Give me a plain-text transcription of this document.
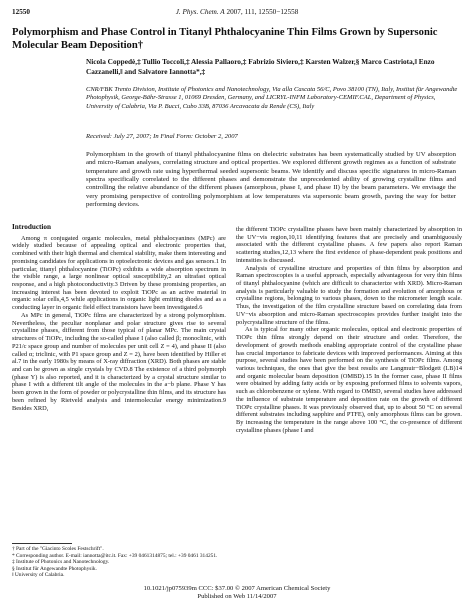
12550	J. Phys. Chem. A 2007, 111, 12550−12558
Polymorphism and Phase Control in Titanyl Phthalocyanine Thin Films Grown by Supersonic Molecular Beam Deposition†
Nicola Coppedè,‡ Tullio Toccoli,‡ Alessia Pallaoro,‡ Fabrizio Siviero,‡ Karsten Walzer,§ Marco Castriota,‖ Enzo Cazzanelli,‖ and Salvatore Iannotta*,‡
CNR/FBK Trento Division, Institute of Photonics and Nanotechnology, Via alla Cascata 56/C, Povo 38100 (TN), Italy, Institut für Angewandte Photophysik, George-Bähr-Strasse 1, 01069 Dresden, Germany, and LICRYL-INFM Laboratory-CEMIF.CAL, Department of Physics, University of Calabria, Via P. Bucci, Cubo 33B, 87036 Arcavacata da Rende (CS), Italy
Received: July 27, 2007; In Final Form: October 2, 2007
Polymorphism in the growth of titanyl phthalocyanine films on dielectric substrates has been systematically studied by UV absorption and micro-Raman analyses, correlating structure and optical properties. We explored different growth regimes as a function of substrate temperature and growth rate using hyperthermal seeded supersonic beams. We identify and discuss specific signatures in micro-Raman spectra specifically correlated to the different phases and demonstrate the unprecedented ability of growing crystalline films and controlling the relative abundance of the different phases (amorphous, phase I, and phase II) by the beam parameters. We envisage the very promising perspective of controlling polymorphism at low temperatures via supersonic beam growth, paving the way for better performing devices.
Introduction

Among π conjugated organic molecules, metal phthalocyanines (MPc) are widely studied because of appealing optical and electronic properties that, combined with their high thermal and chemical stability, make them interesting and promising candidates for applications in optoelectronic devices and gas sensors.1 In particular, titanyl phthalocyanine (TiOPc) exhibits a wide absorption spectrum in the visible range, a large nonlinear optical susceptibility,2 an ultrafast optical response, and a high photoconductivity.3 Driven by these promising properties, an increasing interest has been devoted to exploit TiOPc as an active material in organic solar cells,4,5 while applications in organic light emitting diodes and as a conducting layer in organic field effect transistors have been investigated.6

As MPc in general, TiOPc films are characterized by a strong polymorphism. Nevertheless, the peculiar nonplanar and polar structure gives rise to several crystalline phases, different from those typical of planar MPc. The main crystal structures of TiOPc, including the so-called phase I (also called β; monoclinic, with P21/c space group and number of molecules per unit cell Z = 4), and phase II (also called α; triclinic, with P1 space group and Z = 2), have been identified by Hiller et al.7 in the early 1980s by means of X-ray diffraction (XRD). Both phases are stable and can be grown as single crystals by CVD.8 The existence of a third polymorph (phase Y) is also reported, and it is characterized by a crystal structure similar to phase I with a different tilt angle of the molecules in the a−b plane. Phase Y has been grown in the form of powder or polycrystalline thin films, and its structure has been refined by Rietveld analysis and intermolecular energy minimization.9 Besides XRD,

the different TiOPc crystalline phases have been mainly characterized by absorption in the UV−vis region,10,11 identifying features that are precisely and unambiguously associated with the different crystalline phases. A few papers also report Raman scattering studies,12,13 where the first evidence of phase-dependent peak positions and intensities is discussed.

Analysis of crystalline structure and properties of thin films by absorption and Raman spectroscopies is a useful approach, especially advantageous for very thin films of titanyl phthalocyanine (which are difficult to characterize with XRD). Micro-Raman analysis is particularly valuable to study the formation and evolution of amorphous or crystalline regions, belonging to various phases, down to the micrometer length scale. Thus, the investigation of the film crystalline structure based on correlating data from UV−vis absorption and micro-Raman spectroscopies provides further insight into the polycrystalline structure of the films.

As is typical for many other organic molecules, optical and electronic properties of TiOPc thin films strongly depend on their structure and order. Therefore, the development of growth methods enabling appropriate control of the crystalline phase has crucial importance to fabricate devices with improved performances. Aiming at this purpose, several studies have been performed on the synthesis of TiOPc films. Among various techniques, the ones that give the best results are Langmuir−Blodgett (LB)14 and organic molecular beam deposition (OMBD).15 In the former case, phase II films were obtained by adding fatty acids or by exposing preformed films to solvents vapors, such as chlorobenzene or xylene. With regard to OMBD, several studies have addressed the influence of substrate temperature and deposition rate on the growth of different TiOPc crystalline phases. It was previously observed that, up to about 50 °C on several different substrates including sapphire and PTFE), only amorphous films can be grown. By increasing the temperature in the range above 100 °C, the co-presence of different crystalline phases (phase I and

† Part of the "Giacinto Scoles Festschrift".
* Corresponding author. E-mail: iannotta@itc.it. Fax: +39 0461314875; tel.: +39 0461 314251.
‡ Institute of Photonics and Nanotechnology.
§ Institut für Angewandte Photophysik.
‖ University of Calabria.
10.1021/jp075939m CCC: $37.00 © 2007 American Chemical Society
Published on Web 11/14/2007
